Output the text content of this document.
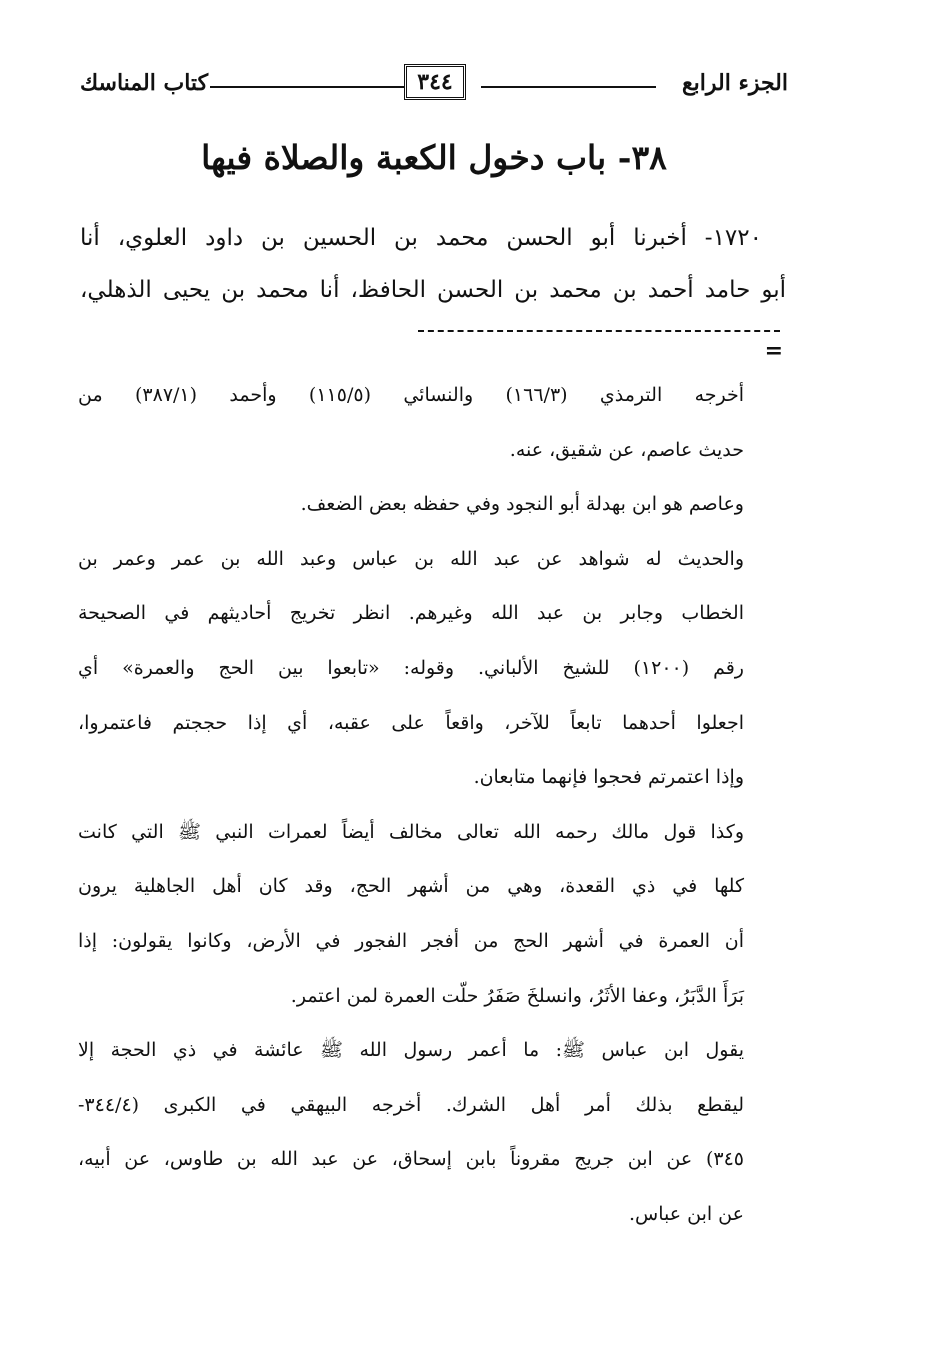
الجزء الرابع
٣٤٤
كتاب المناسك
٣٨- باب دخول الكعبة والصلاة فيها
١٧٢٠- أخبرنا أبو الحسن محمد بن الحسين بن داود العلوي، أنا
أبو حامد أحمد بن محمد بن الحسن الحافظ، أنا محمد بن يحيى الذهلي،
=
أخرجه الترمذي (١٦٦/٣) والنسائي (١١٥/٥) وأحمد (٣٨٧/١) من
حديث عاصم، عن شقيق، عنه.
وعاصم هو ابن بهدلة أبو النجود وفي حفظه بعض الضعف.
والحديث له شواهد عن عبد الله بن عباس وعبد الله بن عمر وعمر بن
الخطاب وجابر بن عبد الله وغيرهم. انظر تخريج أحاديثهم في الصحيحة
رقم (١٢٠٠) للشيخ الألباني. وقوله: «تابعوا بين الحج والعمرة» أي
اجعلوا أحدهما تابعاً للآخر، واقعاً على عقبه، أي إذا حججتم فاعتمروا،
وإذا اعتمرتم فحجوا فإنهما متابعان.
وكذا قول مالك رحمه الله تعالى مخالف أيضاً لعمرات النبي ﷺ التي كانت
كلها في ذي القعدة، وهي من أشهر الحج، وقد كان أهل الجاهلية يرون
أن العمرة في أشهر الحج من أفجر الفجور في الأرض، وكانوا يقولون: إذا
بَرَأَ الدَّبَرُ، وعفا الأثَرُ، وانسلخَ صَفَرُ حلّت العمرة لمن اعتمر.
يقول ابن عباس ﷺ: ما أعمر رسول الله ﷺ عائشة في ذي الحجة إلا
ليقطع بذلك أمر أهل الشرك. أخرجه البيهقي في الكبرى (٣٤٤/٤-
٣٤٥) عن ابن جريج مقروناً بابن إسحاق، عن عبد الله بن طاوس، عن أبيه،
عن ابن عباس.
